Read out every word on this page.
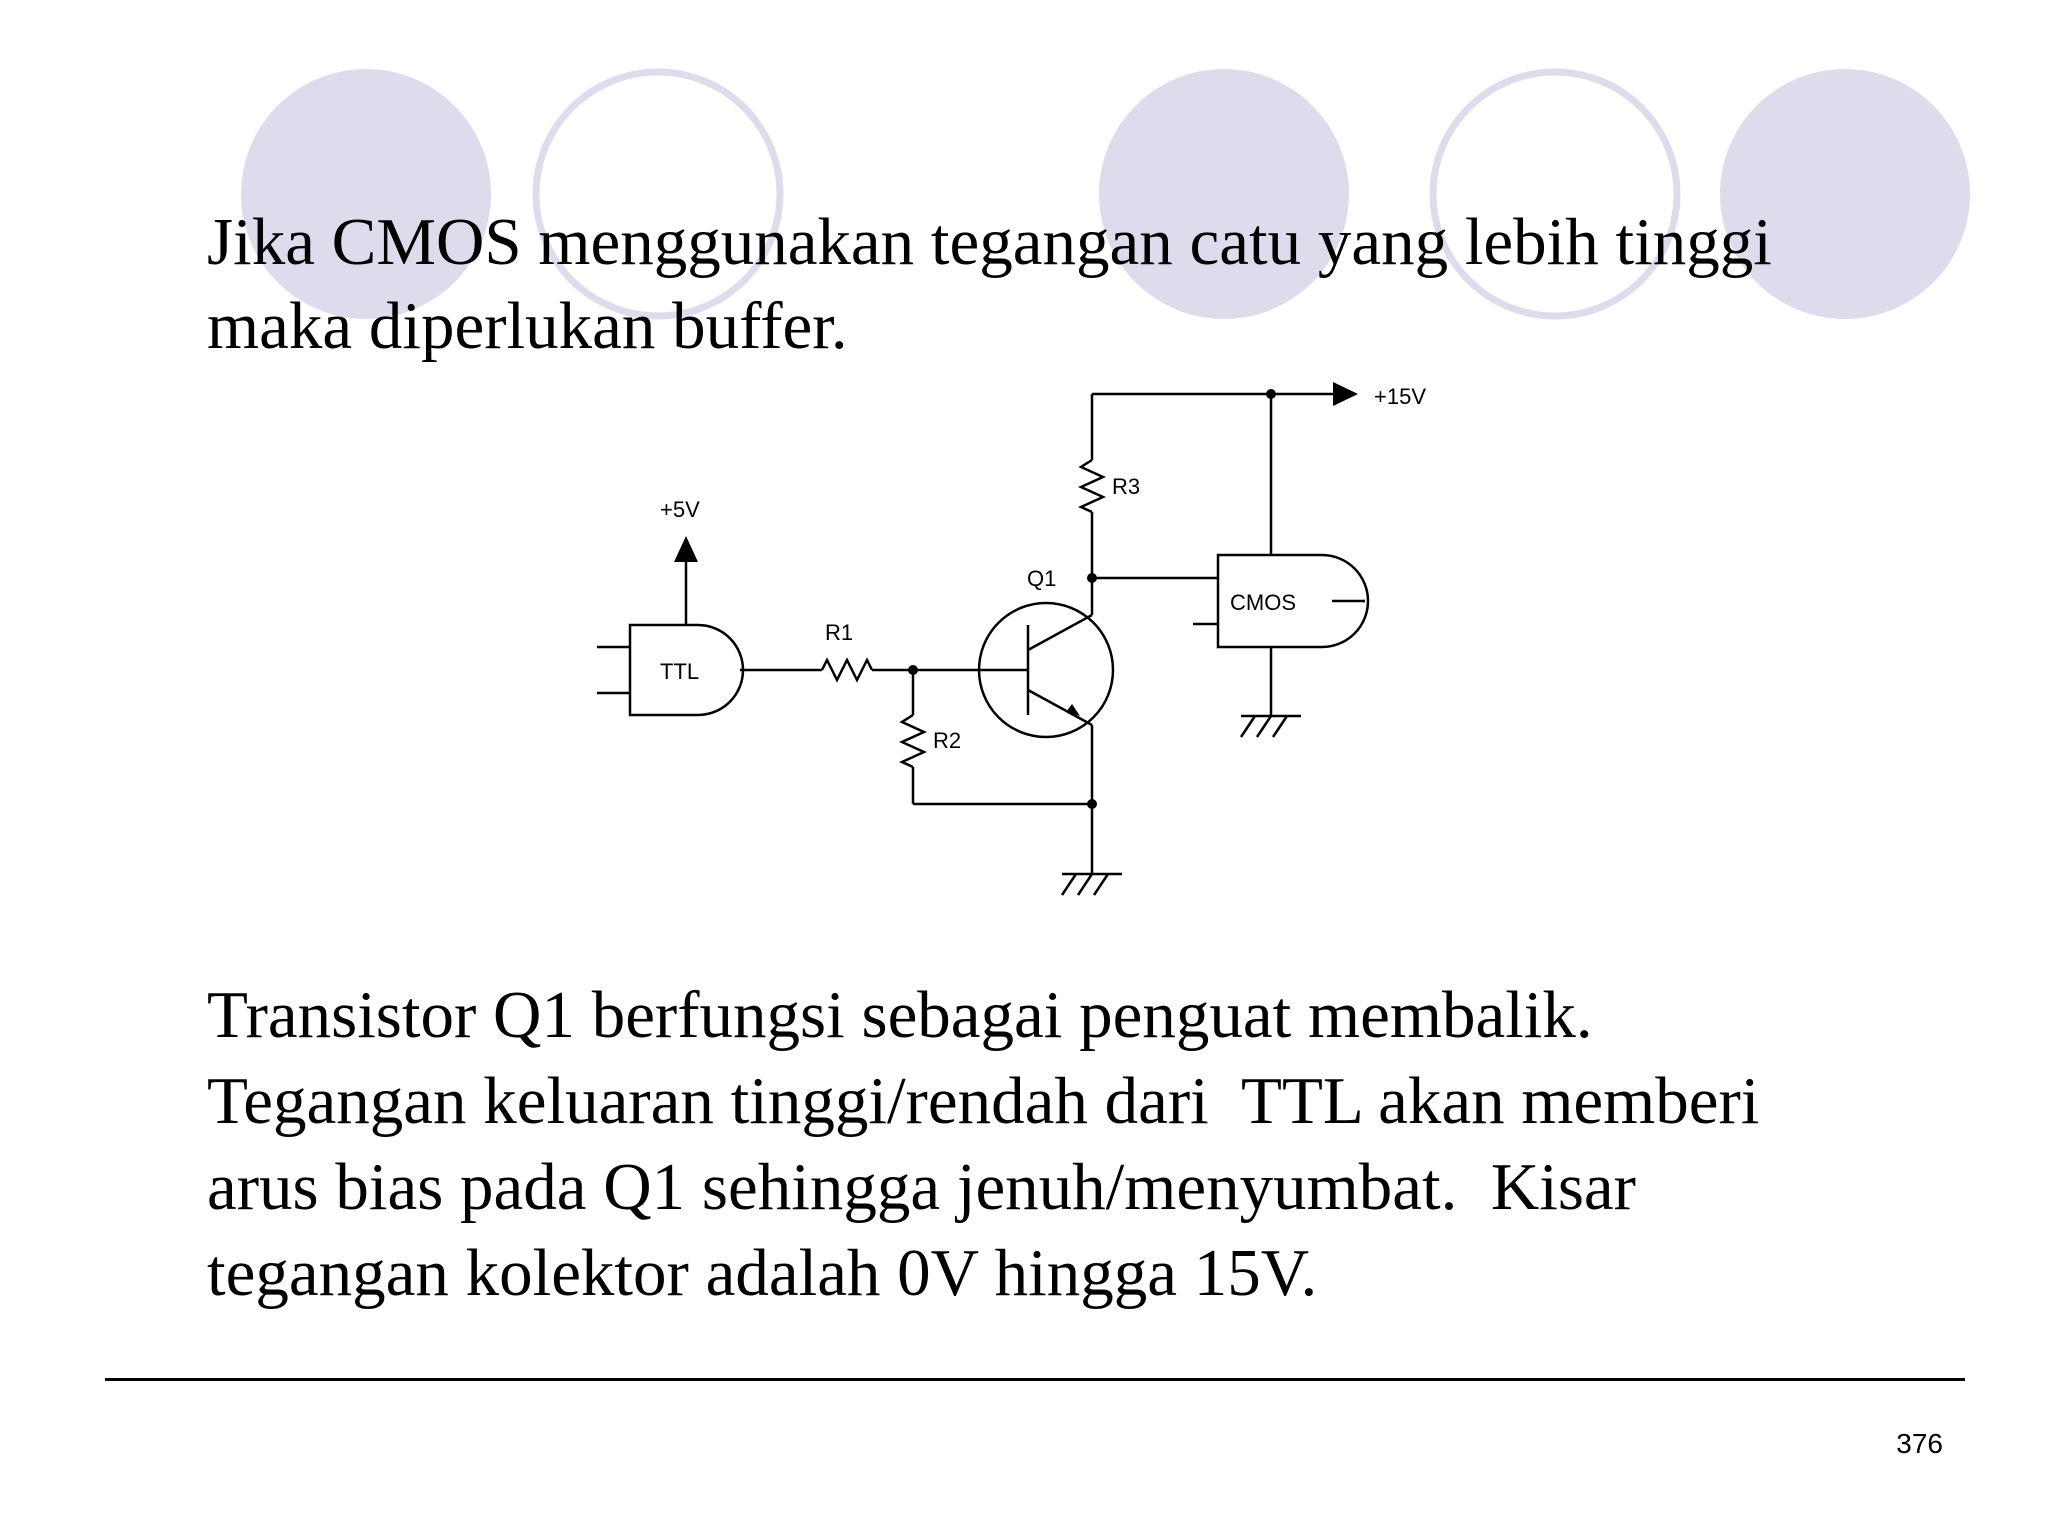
Jika CMOS menggunakan tegangan catu yang lebih tinggi
maka diperlukan buffer.
+15V
R3
CMOS
Q1
R1
R2
TTL
+5V
Transistor Q1 berfungsi sebagai penguat membalik.
Tegangan keluaran tinggi/rendah dari  TTL akan memberi
arus bias pada Q1 sehingga jenuh/menyumbat.  Kisar
tegangan kolektor adalah 0V hingga 15V.
376
